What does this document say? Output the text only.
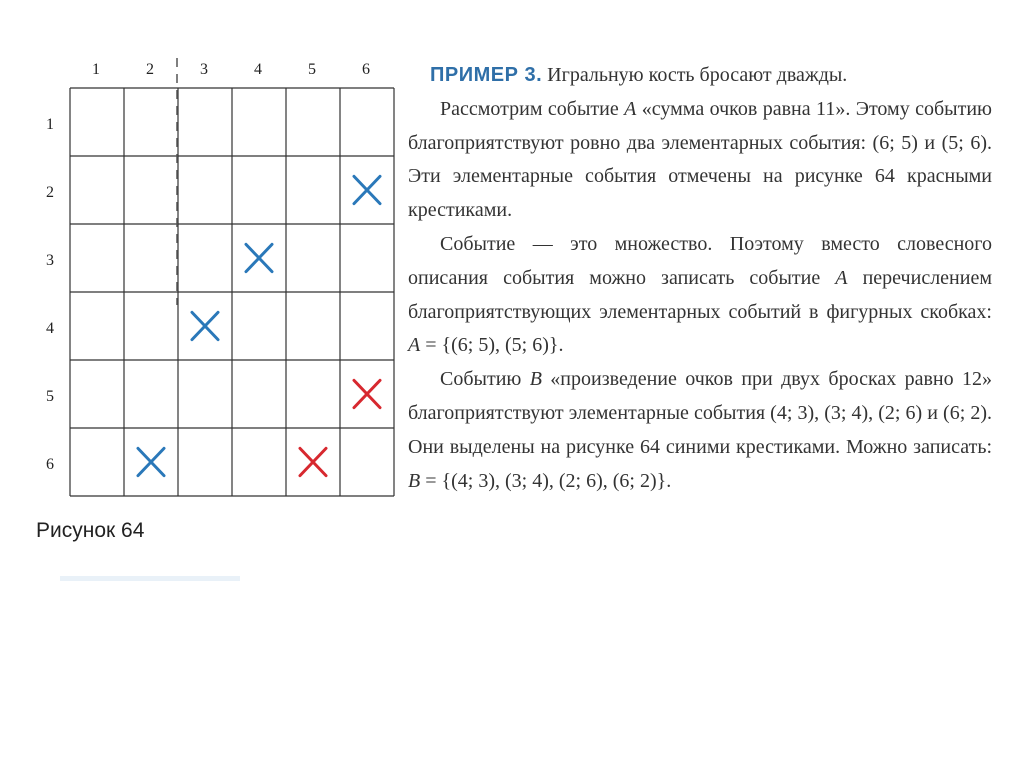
1	2	3	4	5	6
1
2
3
4
5
6
Рисунок 64

ПРИМЕР 3. Игральную кость бросают дважды.

Рассмотрим событие A «сумма очков равна 11». Этому событию благоприятствуют ровно два элементарных события: (6; 5) и (5; 6). Эти элементарные события отмечены на рисунке 64 красными крестиками.

Событие — это множество. Поэтому вместо словесного описания события можно записать событие A перечислением благоприятствующих элементарных событий в фигурных скобках: A = {(6; 5), (5; 6)}.

Событию B «произведение очков при двух бросках равно 12» благоприятствуют элементарные события (4; 3), (3; 4), (2; 6) и (6; 2). Они выделены на рисунке 64 синими крестиками. Можно записать: B = {(4; 3), (3; 4), (2; 6), (6; 2)}.
